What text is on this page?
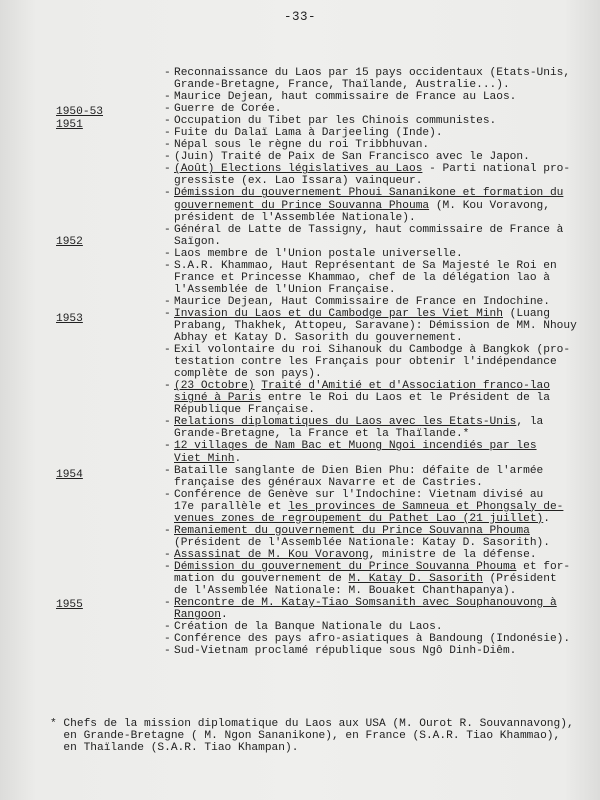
-33-
1950-53
1951
1952
1953
1954
1955
- Reconnaissance du Laos par 15 pays occidentaux (Etats-Unis,
Grande-Bretagne, France, Thaïlande, Australie...).
- Maurice Dejean, haut commissaire de France au Laos.
- Guerre de Corée.
- Occupation du Tibet par les Chinois communistes.
- Fuite du Dalaï Lama à Darjeeling (Inde).
- Népal sous le règne du roi Tribbhuvan.
- (Juin) Traité de Paix de San Francisco avec le Japon.
- (Août) Elections législatives au Laos - Parti national pro-
gressiste (ex. Lao Issara) vainqueur.
- Démission du gouvernement Phoui Sananikone et formation du
gouvernement du Prince Souvanna Phouma (M. Kou Voravong,
président de l'Assemblée Nationale).
- Général de Latte de Tassigny, haut commissaire de France à
Saïgon.
- Laos membre de l'Union postale universelle.
- S.A.R. Khammao, Haut Représentant de Sa Majesté le Roi en
France et Princesse Khammao, chef de la délégation lao à
l'Assemblée de l'Union Française.
- Maurice Dejean, Haut Commissaire de France en Indochine.
- Invasion du Laos et du Cambodge par les Viet Minh (Luang
Prabang, Thakhek, Attopeu, Saravane): Démission de MM. Nhouy
Abhay et Katay D. Sasorith du gouvernement.
- Exil volontaire du roi Sihanouk du Cambodge à Bangkok (pro-
testation contre les Français pour obtenir l'indépendance
complète de son pays).
- (23 Octobre) Traité d'Amitié et d'Association franco-lao
signé à Paris entre le Roi du Laos et le Président de la
République Française.
- Relations diplomatiques du Laos avec les Etats-Unis, la
Grande-Bretagne, la France et la Thaïlande.*
- 12 villages de Nam Bac et Muong Ngoi incendiés par les
Viet Minh.
- Bataille sanglante de Dien Bien Phu: défaite de l'armée
française des généraux Navarre et de Castries.
- Conférence de Genève sur l'Indochine: Vietnam divisé au
17e parallèle et les provinces de Samneua et Phongsaly de-
venues zones de regroupement du Pathet Lao (21 juillet).
- Remaniement du gouvernement du Prince Souvanna Phouma
(Président de l'Assemblée Nationale: Katay D. Sasorith).
- Assassinat de M. Kou Voravong, ministre de la défense.
- Démission du gouvernement du Prince Souvanna Phouma et for-
mation du gouvernement de M. Katay D. Sasorith (Président
de l'Assemblée Nationale: M. Bouaket Chanthapanya).
- Rencontre de M. Katay-Tiao Somsanith avec Souphanouvong à
Rangoon.
- Création de la Banque Nationale du Laos.
- Conférence des pays afro-asiatiques à Bandoung (Indonésie).
- Sud-Vietnam proclamé république sous Ngô Dinh-Diêm.
* Chefs de la mission diplomatique du Laos aux USA (M. Ourot R. Souvannavong),
en Grande-Bretagne ( M. Ngon Sananikone), en France (S.A.R. Tiao Khammao),
en Thaïlande (S.A.R. Tiao Khampan).
